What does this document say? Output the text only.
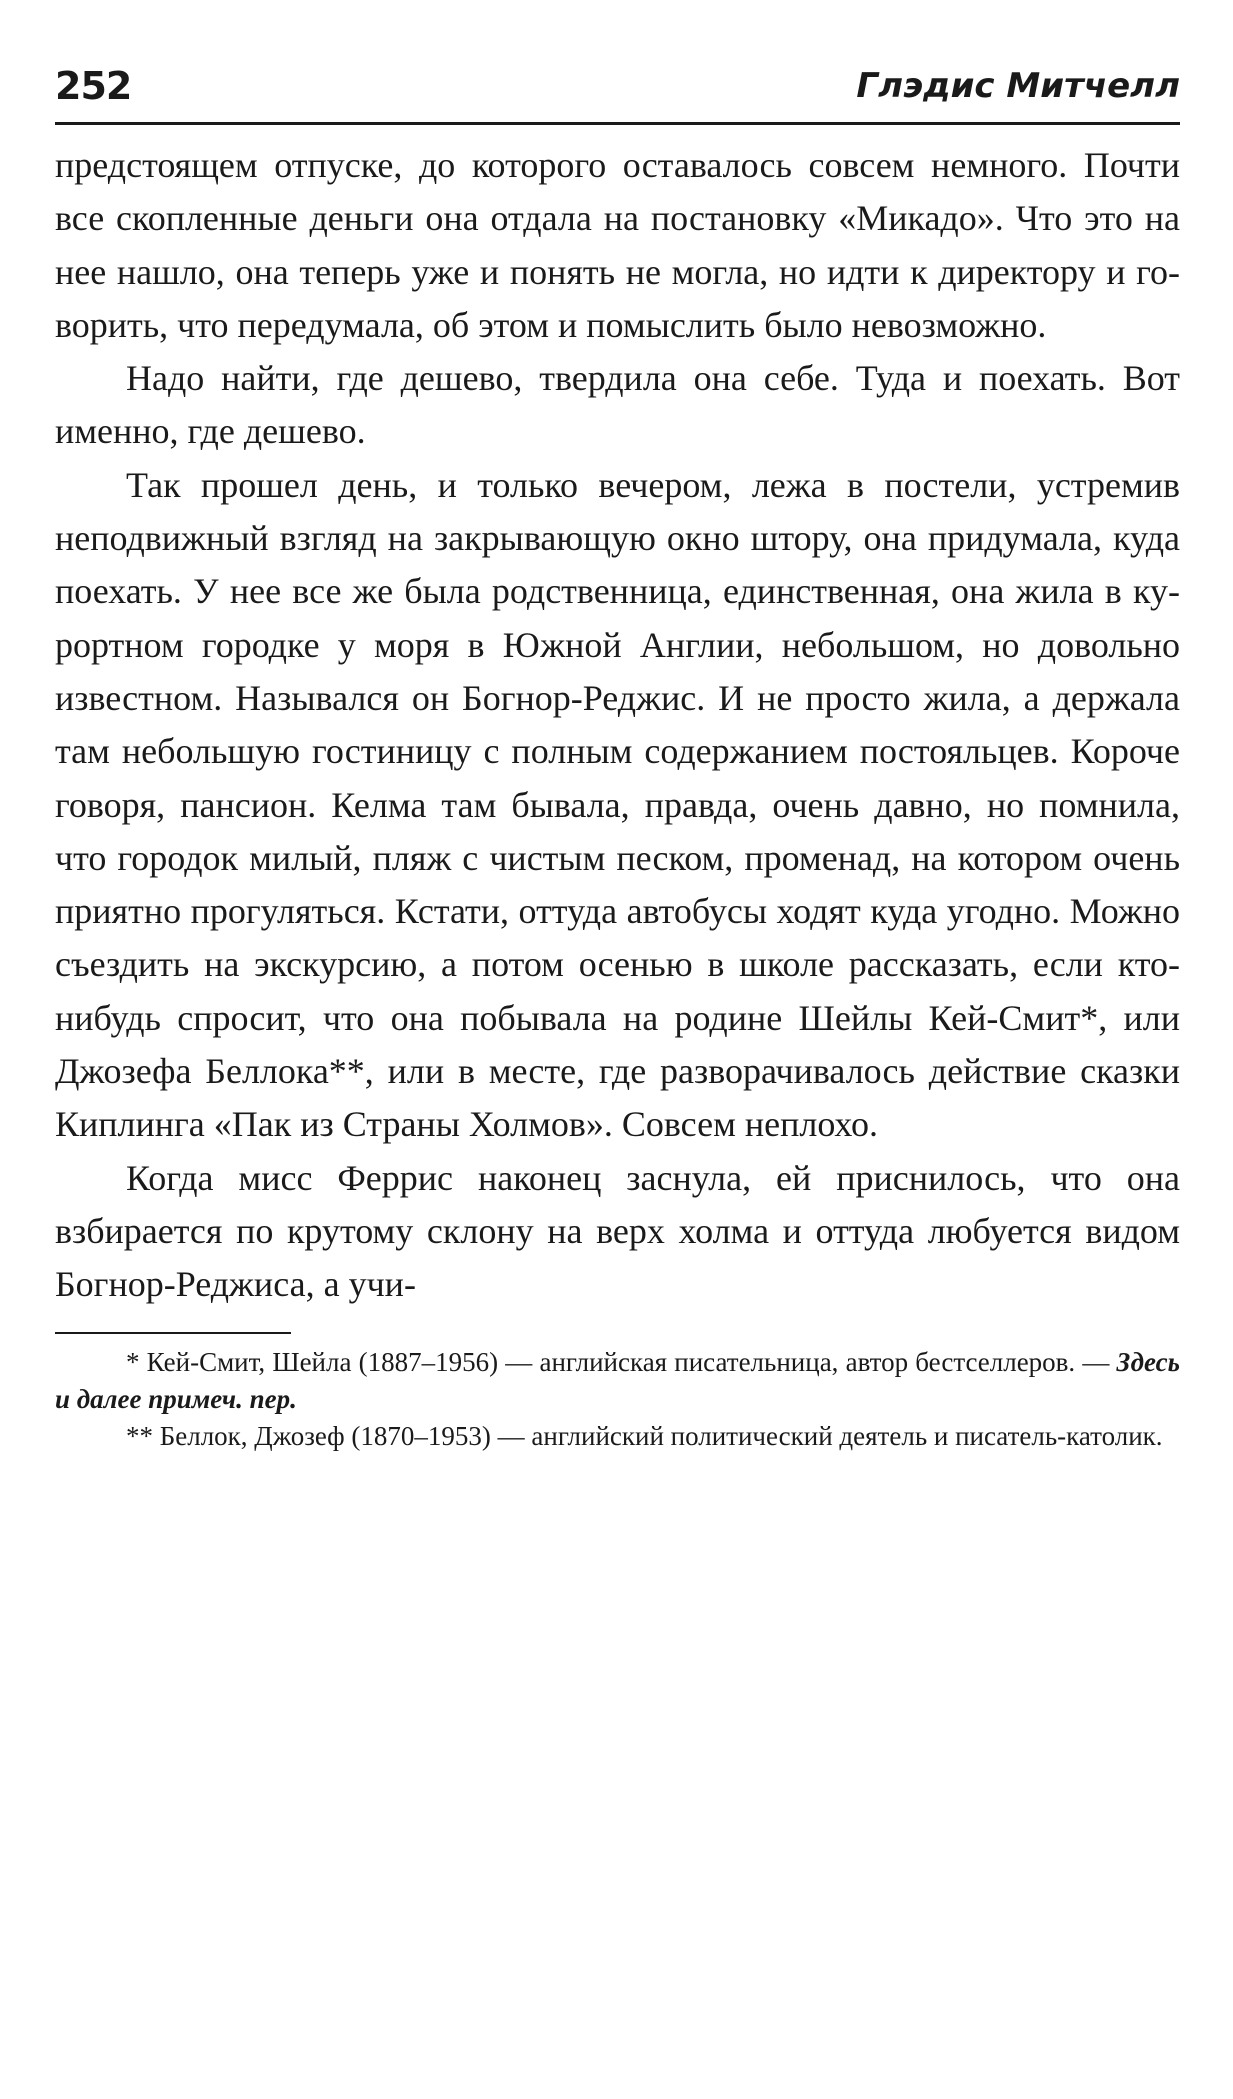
252	Глэдис Митчелл

предстоящем отпуске, до которого оставалось совсем немного. Почти все скопленные деньги она отдала на постановку «Микадо». Что это на нее нашло, она теперь уже и понять не могла, но идти к директору и говорить, что передумала, об этом и помыслить было невозможно.

Надо найти, где дешево, твердила она себе. Туда и поехать. Вот именно, где дешево.

Так прошел день, и только вечером, лежа в постели, устремив неподвижный взгляд на закрывающую окно штору, она придумала, куда поехать. У нее все же была родственница, единственная, она жила в курортном городке у моря в Южной Англии, небольшом, но довольно известном. Назывался он Богнор-Реджис. И не просто жила, а держала там небольшую гостиницу с полным содержанием постояльцев. Короче говоря, пансион. Келма там бывала, правда, очень давно, но помнила, что городок милый, пляж с чистым песком, променад, на котором очень приятно прогуляться. Кстати, оттуда автобусы ходят куда угодно. Можно съездить на экскурсию, а потом осенью в школе рассказать, если кто-нибудь спросит, что она побывала на родине Шейлы Кей-Смит*, или Джозефа Беллока**, или в месте, где разворачивалось действие сказки Киплинга «Пак из Страны Холмов». Совсем неплохо.

Когда мисс Феррис наконец заснула, ей приснилось, что она взбирается по крутому склону на верх холма и оттуда любуется видом Богнор-Реджиса, а учи-

* Кей-Смит, Шейла (1887–1956) — английская писательница, автор бестселлеров. — Здесь и далее примеч. пер.

** Беллок, Джозеф (1870–1953) — английский политический деятель и писатель-католик.
